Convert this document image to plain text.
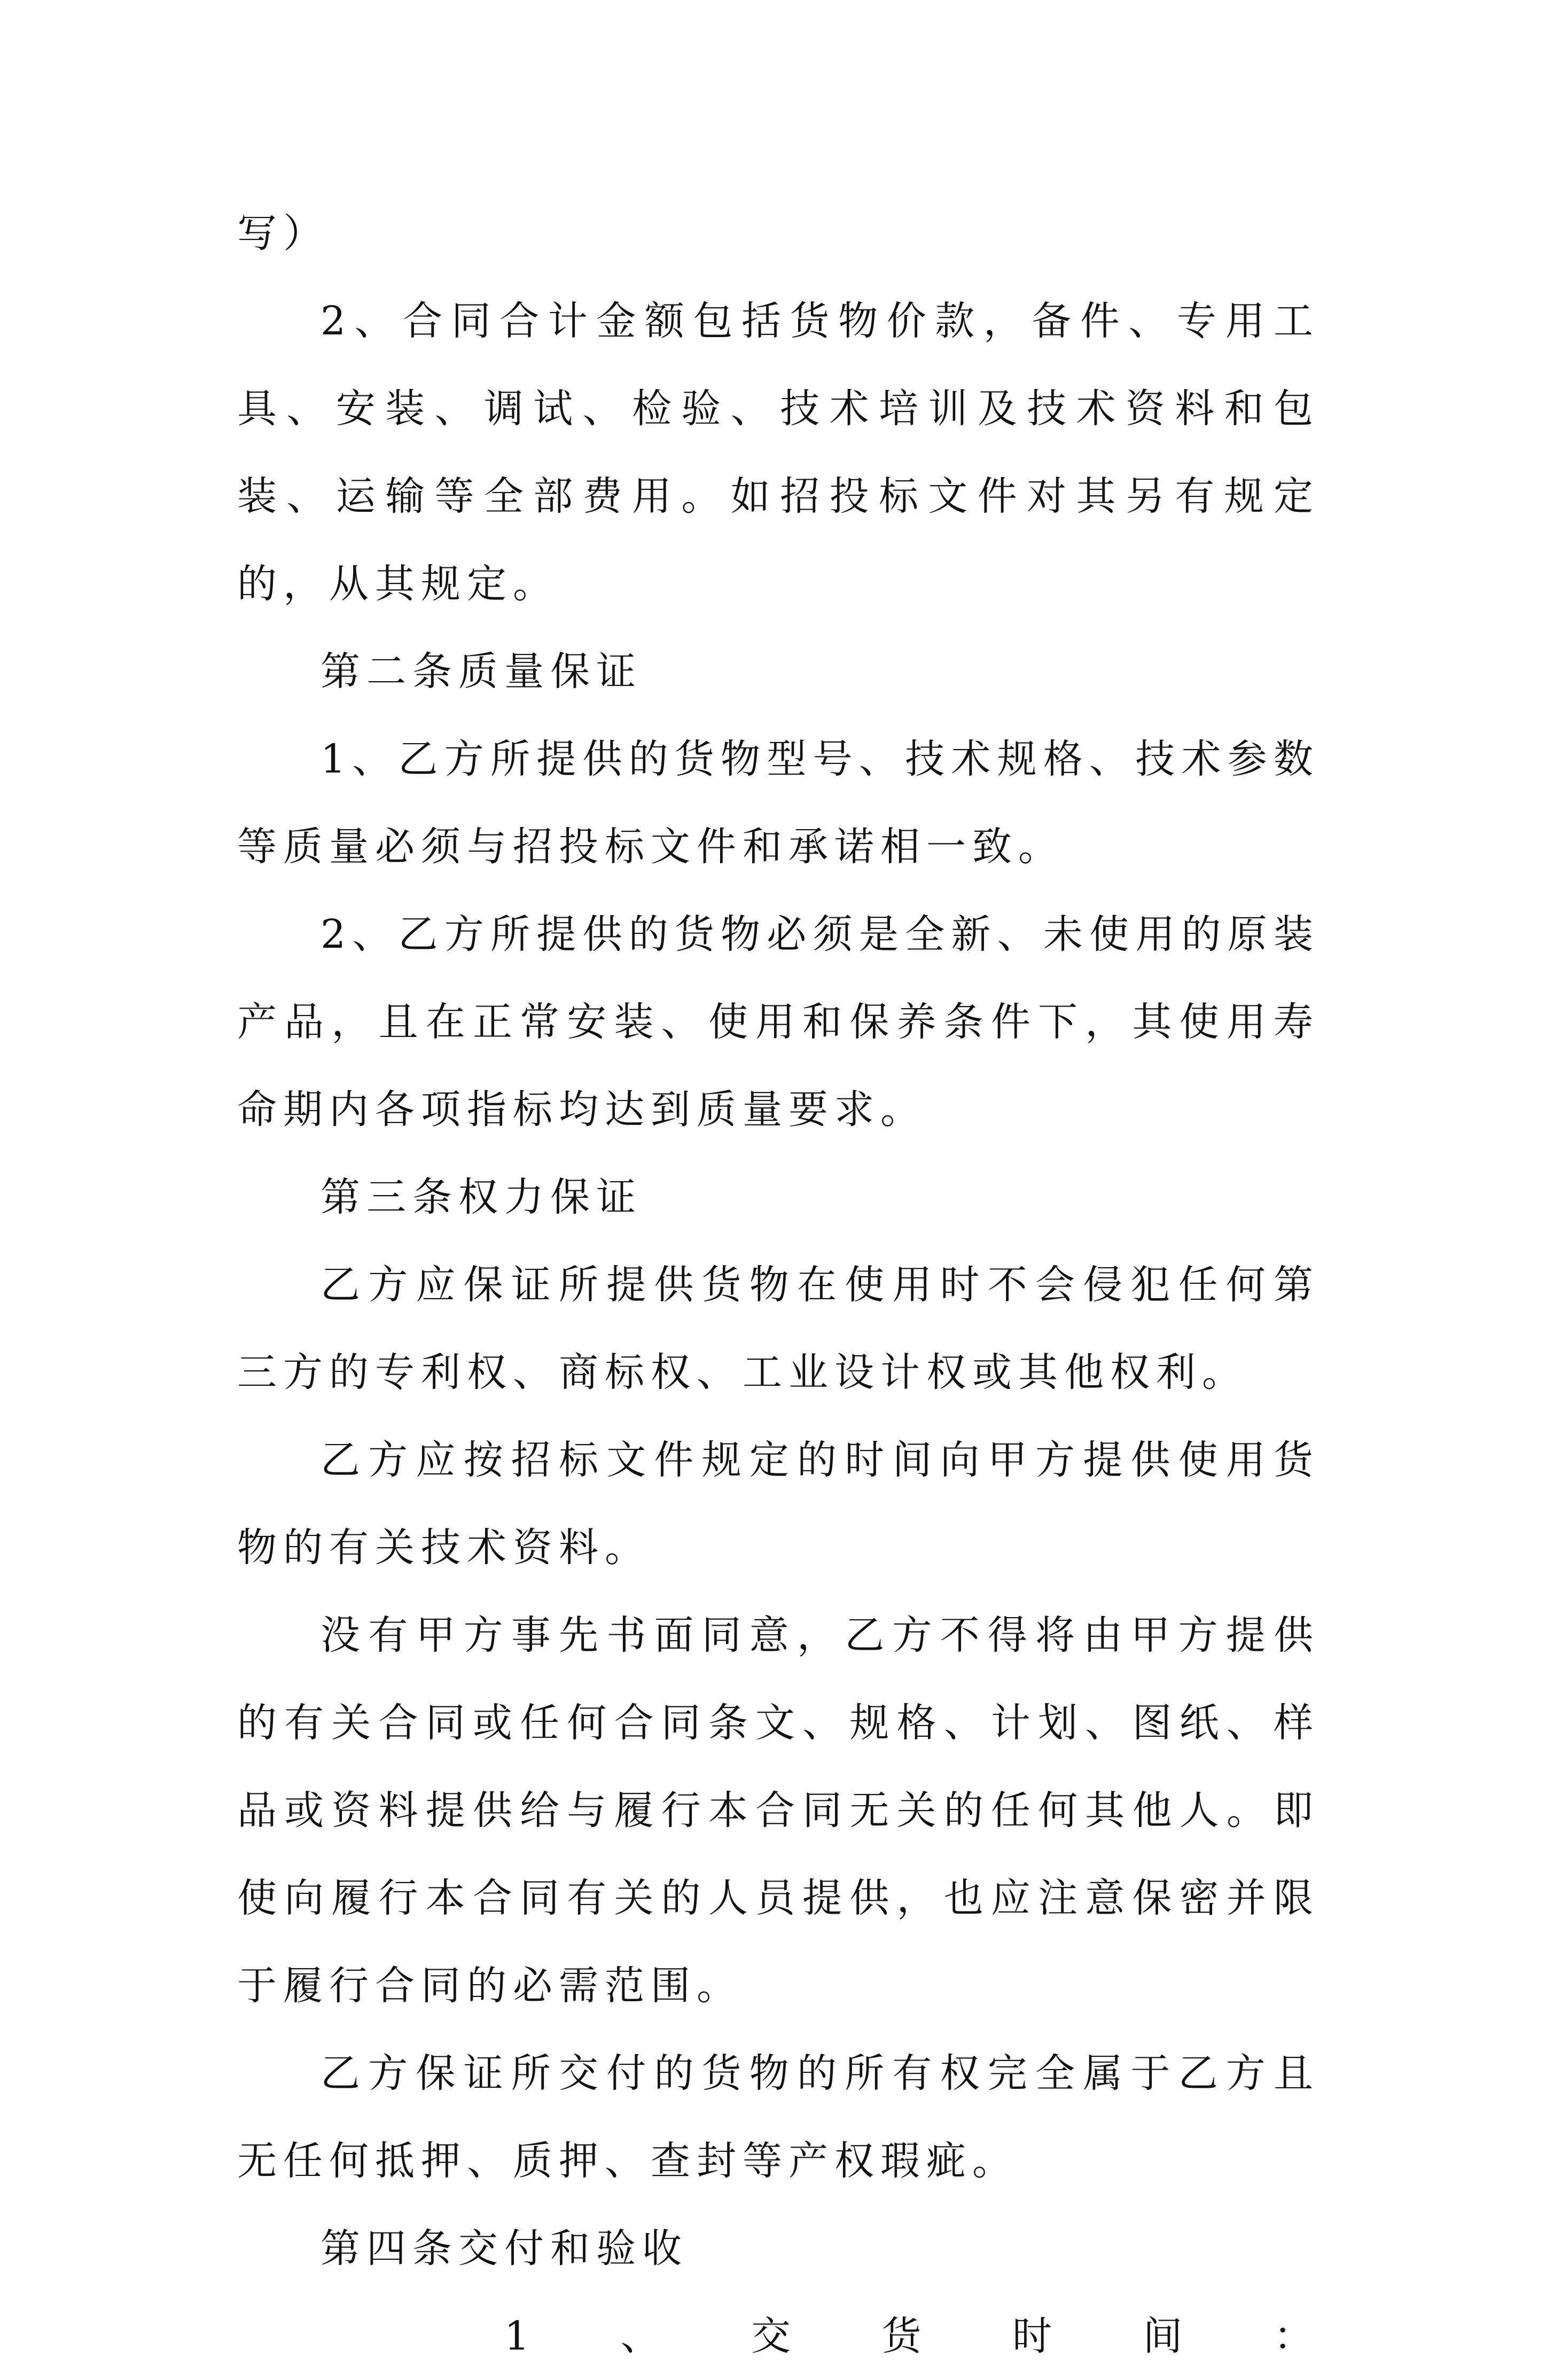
写）

2、合同合计金额包括货物价款，备件、专用工具、安装、调试、检验、技术培训及技术资料和包装、运输等全部费用。如招投标文件对其另有规定的，从其规定。

第二条质量保证

1、乙方所提供的货物型号、技术规格、技术参数等质量必须与招投标文件和承诺相一致。

2、乙方所提供的货物必须是全新、未使用的原装产品，且在正常安装、使用和保养条件下，其使用寿命期内各项指标均达到质量要求。

第三条权力保证

乙方应保证所提供货物在使用时不会侵犯任何第三方的专利权、商标权、工业设计权或其他权利。

乙方应按招标文件规定的时间向甲方提供使用货物的有关技术资料。

没有甲方事先书面同意，乙方不得将由甲方提供的有关合同或任何合同条文、规格、计划、图纸、样品或资料提供给与履行本合同无关的任何其他人。即使向履行本合同有关的人员提供，也应注意保密并限于履行合同的必需范围。

乙方保证所交付的货物的所有权完全属于乙方且无任何抵押、质押、查封等产权瑕疵。

第四条交付和验收

1、交货时间：
